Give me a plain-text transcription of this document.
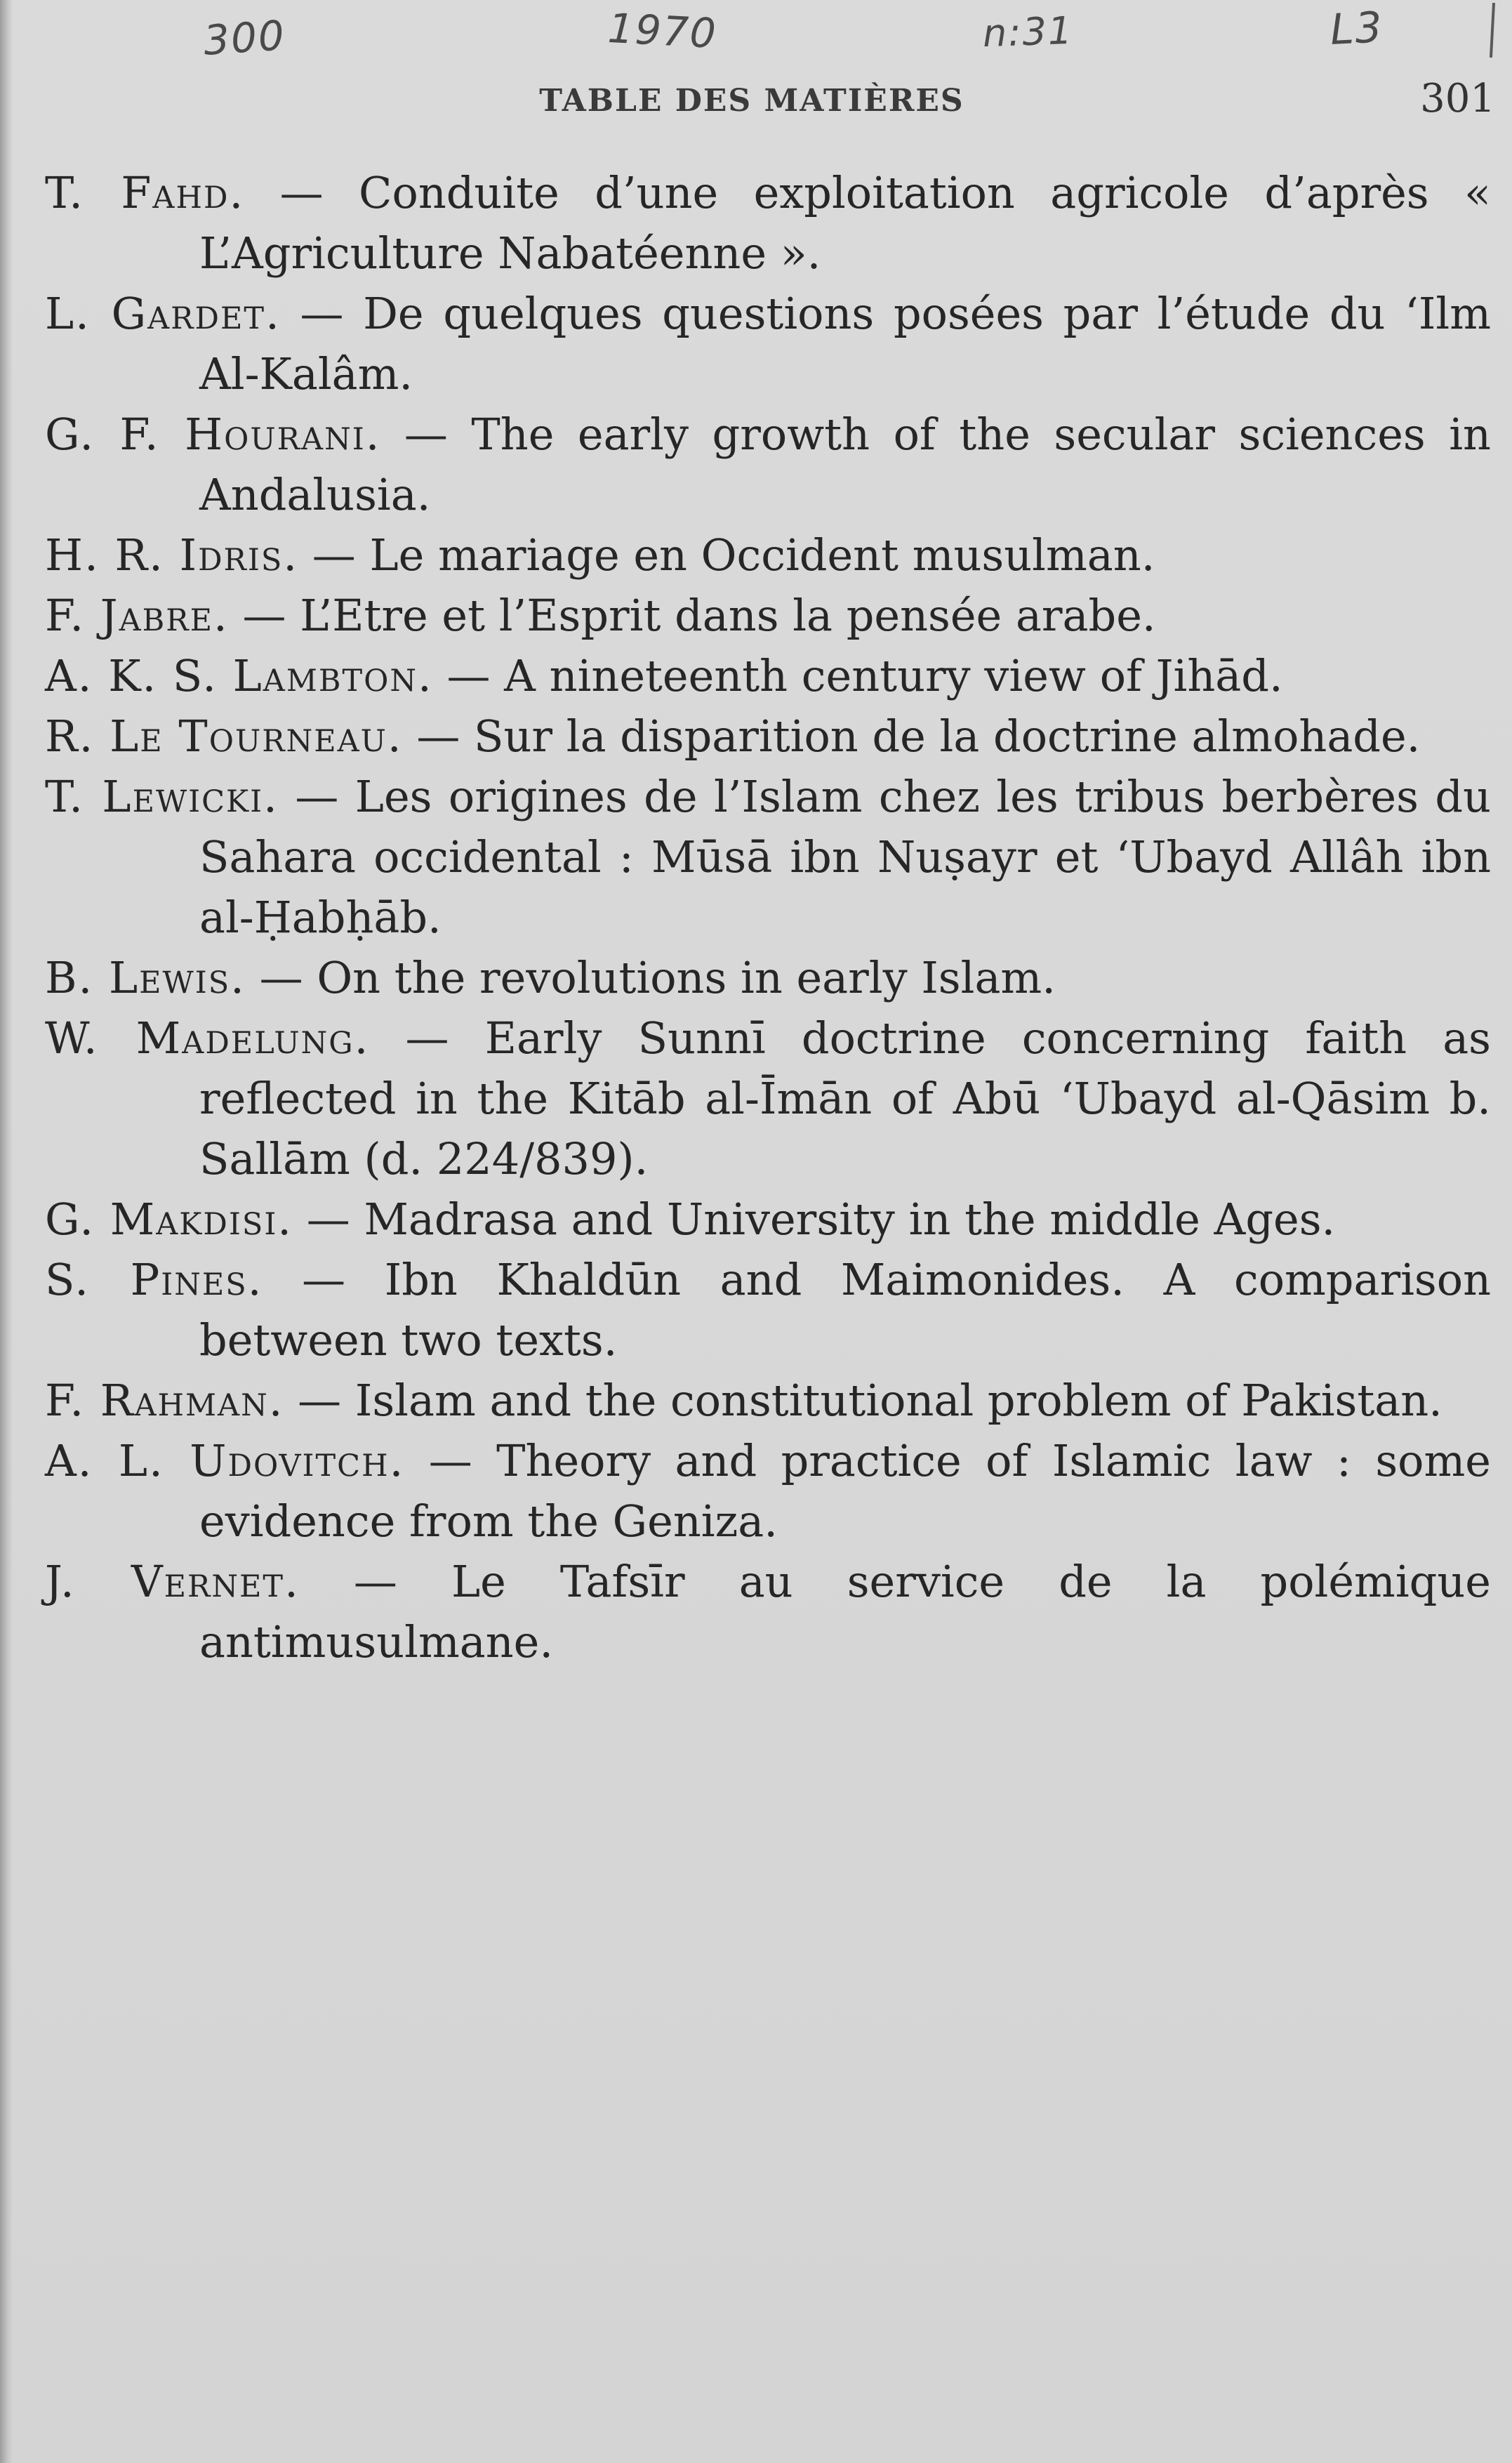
300	1970	n:31	L3
TABLE DES MATIÈRES	301

T. Fahd. — Conduite d’une exploitation agricole d’après « L’Agriculture Nabatéenne ».

L. Gardet. — De quelques questions posées par l’étude du ‘Ilm Al-Kalâm.

G. F. Hourani. — The early growth of the secular sciences in Andalusia.

H. R. Idris. — Le mariage en Occident musulman.

F. Jabre. — L’Etre et l’Esprit dans la pensée arabe.

A. K. S. Lambton. — A nineteenth century view of Jihād.

R. Le Tourneau. — Sur la disparition de la doctrine almohade.

T. Lewicki. — Les origines de l’Islam chez les tribus berbères du Sahara occidental : Mūsā ibn Nuṣayr et ‘Ubayd Allâh ibn al-Ḥabḥāb.

B. Lewis. — On the revolutions in early Islam.

W. Madelung. — Early Sunnī doctrine concerning faith as reflected in the Kitāb al-Īmān of Abū ‘Ubayd al-Qāsim b. Sallām (d. 224/839).

G. Makdisi. — Madrasa and University in the middle Ages.

S. Pines. — Ibn Khaldūn and Maimonides. A comparison between two texts.

F. Rahman. — Islam and the constitutional problem of Pakistan.

A. L. Udovitch. — Theory and practice of Islamic law : some evidence from the Geniza.

J. Vernet. — Le Tafsīr au service de la polémique antimusulmane.
